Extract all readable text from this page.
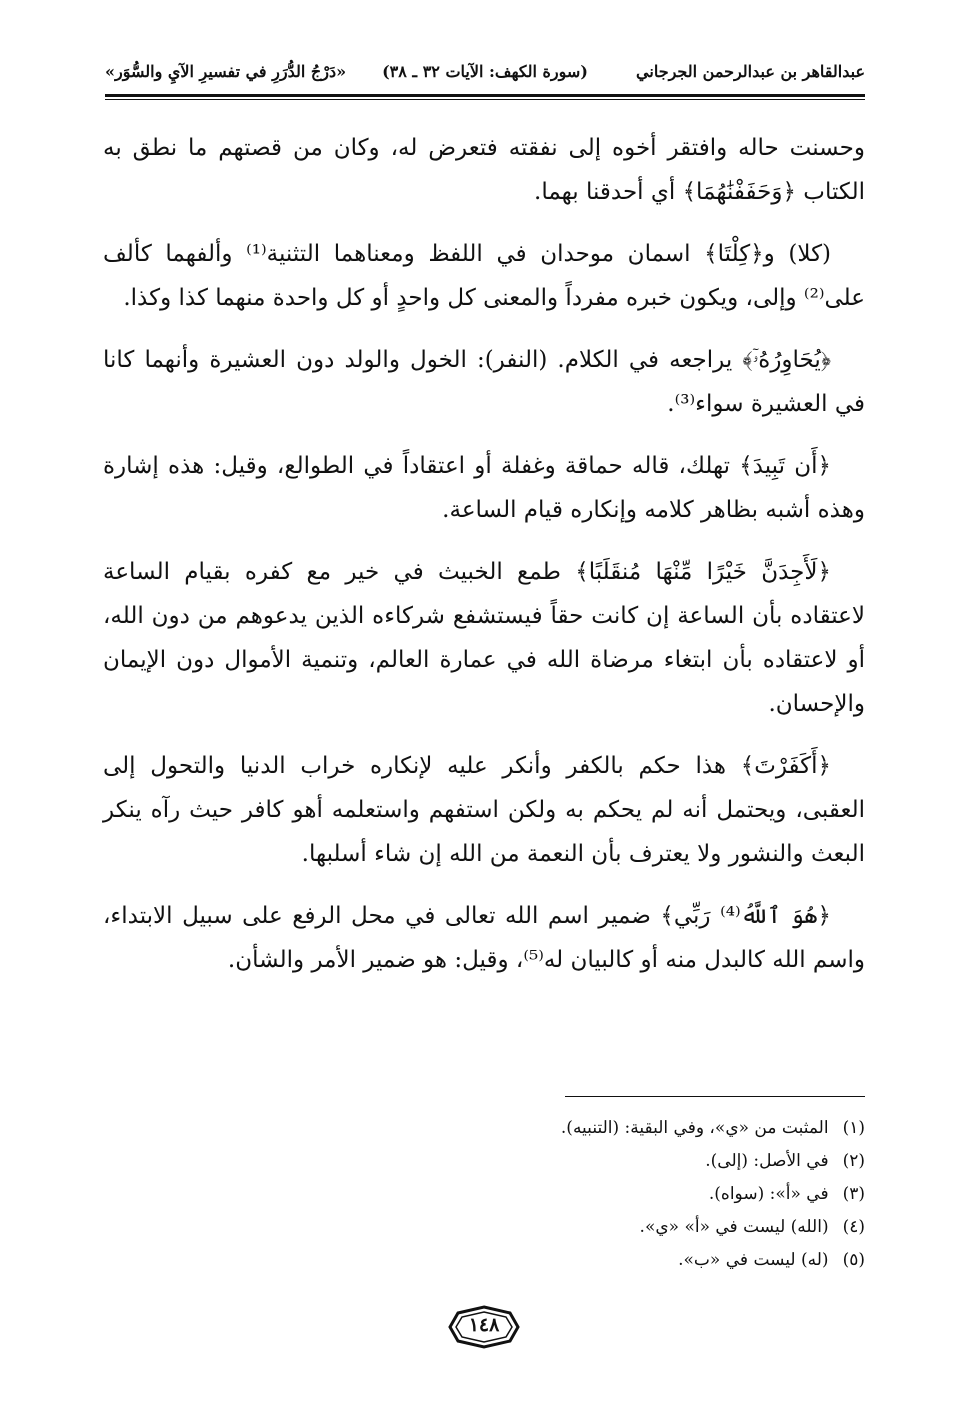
عبدالقاهر بن عبدالرحمن الجرجاني
(سورة الكهف: الآيات ٣٢ ـ ٣٨)
«دَرْجُ الدُّرَرِ في تفسيرِ الآيِ والسُّوَر»

وحسنت حاله وافتقر أخوه إلى نفقته فتعرض له، وكان من قصتهم ما نطق به الكتاب ﴿وَحَفَفْنَٰهُمَا﴾ أي أحدقنا بهما.

(كلا) و﴿كِلْتَا﴾ اسمان موحدان في اللفظ ومعناهما التثنية⁽¹⁾ وألفهما كألف على⁽²⁾ وإلى، ويكون خبره مفرداً والمعنى كل واحدٍ أو كل واحدة منهما كذا وكذا.

﴿يُحَاوِرُهُۥٓ﴾ يراجعه في الكلام. (النفر): الخول والولد دون العشيرة وأنهما كانا في العشيرة سواء⁽³⁾.

﴿أَن تَبِيدَ﴾ تهلك، قاله حماقة وغفلة أو اعتقاداً في الطوالع، وقيل: هذه إشارة وهذه أشبه بظاهر كلامه وإنكاره قيام الساعة.

﴿لَأَجِدَنَّ خَيْرًا مِّنْهَا مُنقَلَبًا﴾ طمع الخبيث في خير مع كفره بقيام الساعة لاعتقاده بأن الساعة إن كانت حقاً فيستشفع شركاءه الذين يدعوهم من دون الله، أو لاعتقاده بأن ابتغاء مرضاة الله في عمارة العالم، وتنمية الأموال دون الإيمان والإحسان.

﴿أَكَفَرْتَ﴾ هذا حكم بالكفر وأنكر عليه لإنكاره خراب الدنيا والتحول إلى العقبى، ويحتمل أنه لم يحكم به ولكن استفهم واستعلمه أهو كافر حيث رآه ينكر البعث والنشور ولا يعترف بأن النعمة من الله إن شاء أسلبها.

﴿هُوَ ٱللَّهُ⁽⁴⁾ رَبِّي﴾ ضمير اسم الله تعالى في محل الرفع على سبيل الابتداء، واسم الله كالبدل منه أو كالبيان له⁽⁵⁾، وقيل: هو ضمير الأمر والشأن.

(١)المثبت من «ي»، وفي البقية: (التنبيه).
(٢)في الأصل: (إلى).
(٣)في «أ»: (سواه).
(٤)(الله) ليست في «أ» «ي».
(٥)(له) ليست في «ب».
١٤٨
